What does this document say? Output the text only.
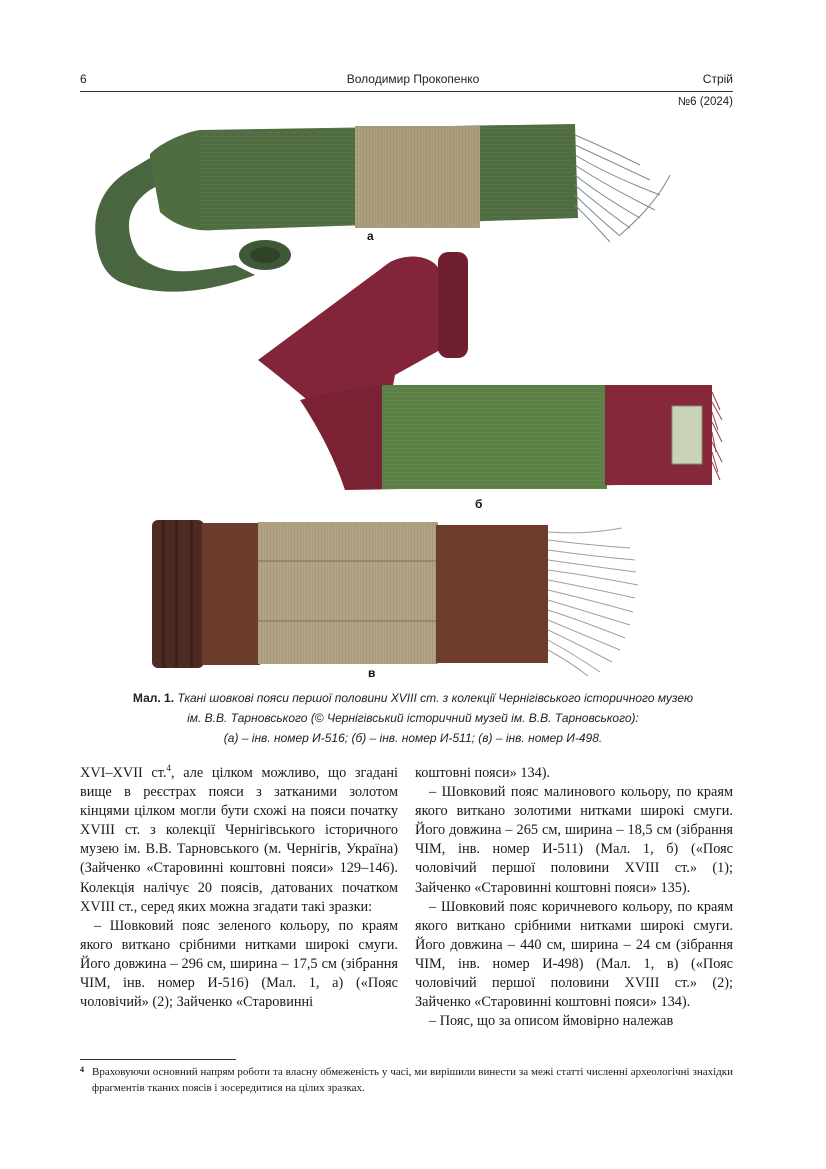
6	Володимир Прокопенко	Стрій
№6 (2024)
а
б
в
Мал. 1. Ткані шовкові пояси першої половини XVIII ст. з колекції Чернігівського історичного музею
ім. В.В. Тарновського (© Чернігівський історичний музей ім. В.В. Тарновського):
(а) – інв. номер И-516; (б) – інв. номер И-511; (в) – інв. номер И-498.

XVI–XVII ст.$^4$, але цілком можливо, що згадані вище в реєстрах пояси з затканими золотом кінцями цілком могли бути схожі на пояси початку XVIII ст. з колекції Чернігівського історичного музею ім. В.В. Тарновського (м. Чернігів, Україна) (Зайченко «Старовинні коштовні пояси» 129–146). Колекція налічує 20 поясів, датованих початком XVIII ст., серед яких можна згадати такі зразки:

– Шовковий пояс зеленого кольору, по краям якого виткано срібними нитками широкі смуги. Його довжина – 296 см, ширина – 17,5 см (зібрання ЧІМ, інв. номер И-516) (Мал. 1, а) («Пояс чоловічий» (2); Зайченко «Старовинні

коштовні пояси» 134).

– Шовковий пояс малинового кольору, по краям якого виткано золотими нитками широкі смуги. Його довжина – 265 см, ширина – 18,5 см (зібрання ЧІМ, інв. номер И-511) (Мал. 1, б) («Пояс чоловічий першої половини XVIII ст.» (1); Зайченко «Старовинні коштовні пояси» 135).

– Шовковий пояс коричневого кольору, по краям якого виткано срібними нитками широкі смуги. Його довжина – 440 см, ширина – 24 см (зібрання ЧІМ, інв. номер И-498) (Мал. 1, в) («Пояс чоловічий першої половини XVIII ст.» (2); Зайченко «Старовинні коштовні пояси» 134).

– Пояс, що за описом ймовірно належав

4 Враховуючи основний напрям роботи та власну обмеженість у часі, ми вирішили винести за межі статті численні археологічні знахідки фрагментів тканих поясів і зосередитися на цілих зразках.
